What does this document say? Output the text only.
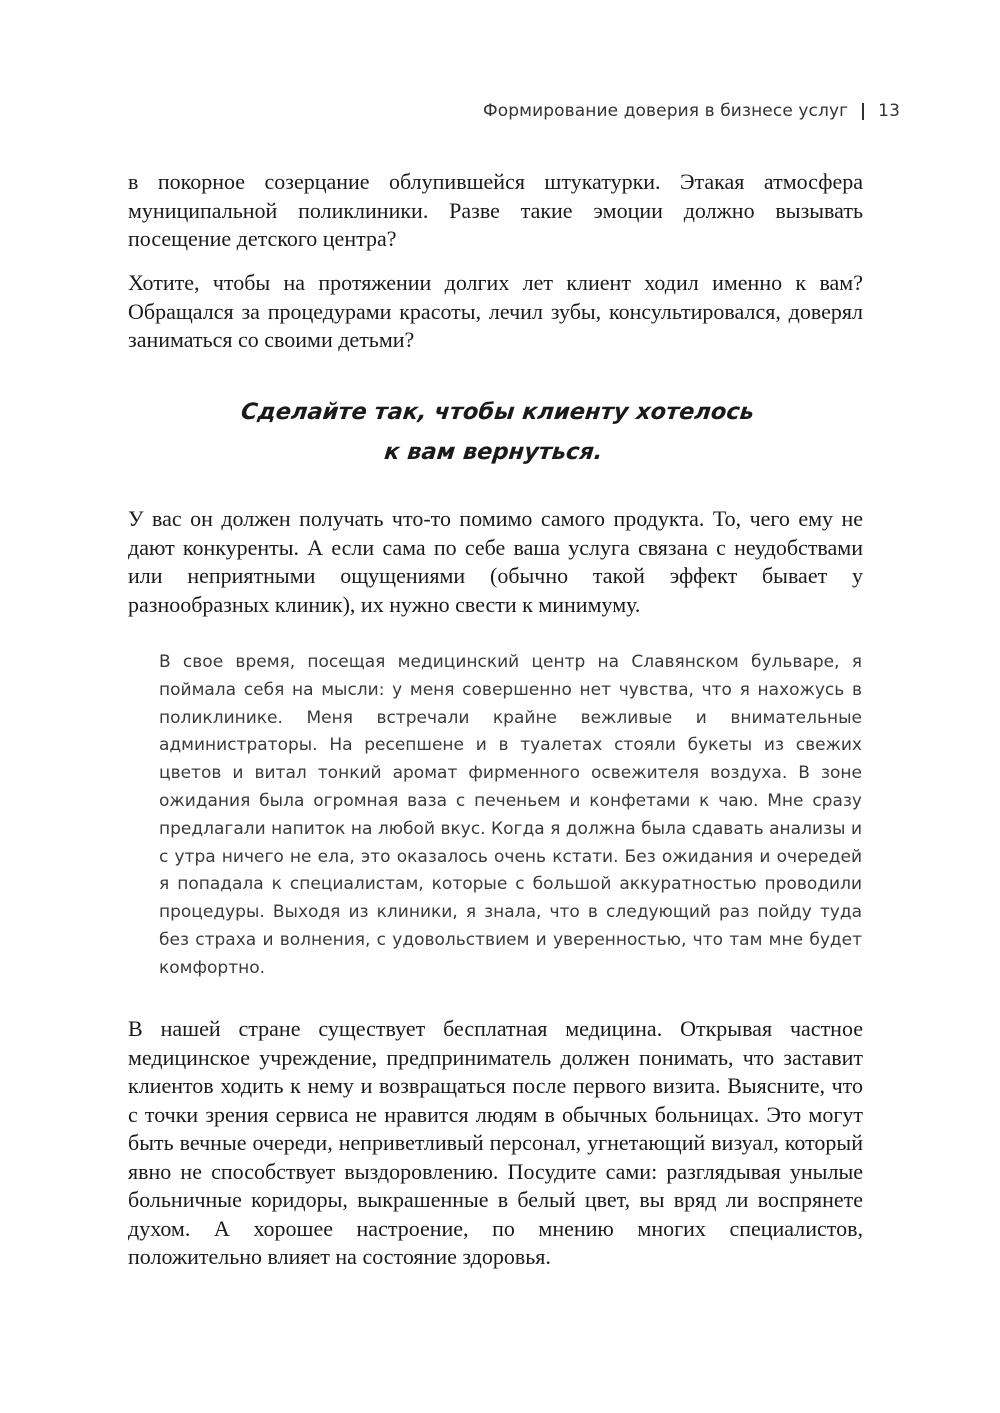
Формирование доверия в бизнесе услуг 13

в покорное созерцание облупившейся штукатурки. Этакая атмосфера муниципальной поликлиники. Разве такие эмоции должно вызывать посещение детского центра?

Хотите, чтобы на протяжении долгих лет клиент ходил именно к вам? Обращался за процедурами красоты, лечил зубы, консультировался, доверял заниматься со своими детьми?

Сделайте так, чтобы клиенту хотелось
к вам вернуться.

У вас он должен получать что-то помимо самого продукта. То, чего ему не дают конкуренты. А если сама по себе ваша услуга связана с неудобствами или неприятными ощущениями (обычно такой эффект бывает у разнообразных клиник), их нужно свести к минимуму.

В свое время, посещая медицинский центр на Славянском бульваре, я поймала себя на мысли: у меня совершенно нет чувства, что я нахожусь в поликлинике. Меня встречали крайне вежливые и внимательные администраторы. На ресепшене и в туалетах стояли букеты из свежих цветов и витал тонкий аромат фирменного освежителя воздуха. В зоне ожидания была огромная ваза с печеньем и конфетами к чаю. Мне сразу предлагали напиток на любой вкус. Когда я должна была сдавать анализы и с утра ничего не ела, это оказалось очень кстати. Без ожидания и очередей я попадала к специалистам, которые с большой аккуратностью проводили процедуры. Выходя из клиники, я знала, что в следующий раз пойду туда без страха и волнения, с удовольствием и уверенностью, что там мне будет комфортно.

В нашей стране существует бесплатная медицина. Открывая частное медицинское учреждение, предприниматель должен понимать, что заставит клиентов ходить к нему и возвращаться после первого визита. Выясните, что с точки зрения сервиса не нравится людям в обычных больницах. Это могут быть вечные очереди, неприветливый персонал, угнетающий визуал, который явно не способствует выздоровлению. Посудите сами: разглядывая унылые больничные коридоры, выкрашенные в белый цвет, вы вряд ли воспрянете духом. А хорошее настроение, по мнению многих специалистов, положительно влияет на состояние здоровья.
